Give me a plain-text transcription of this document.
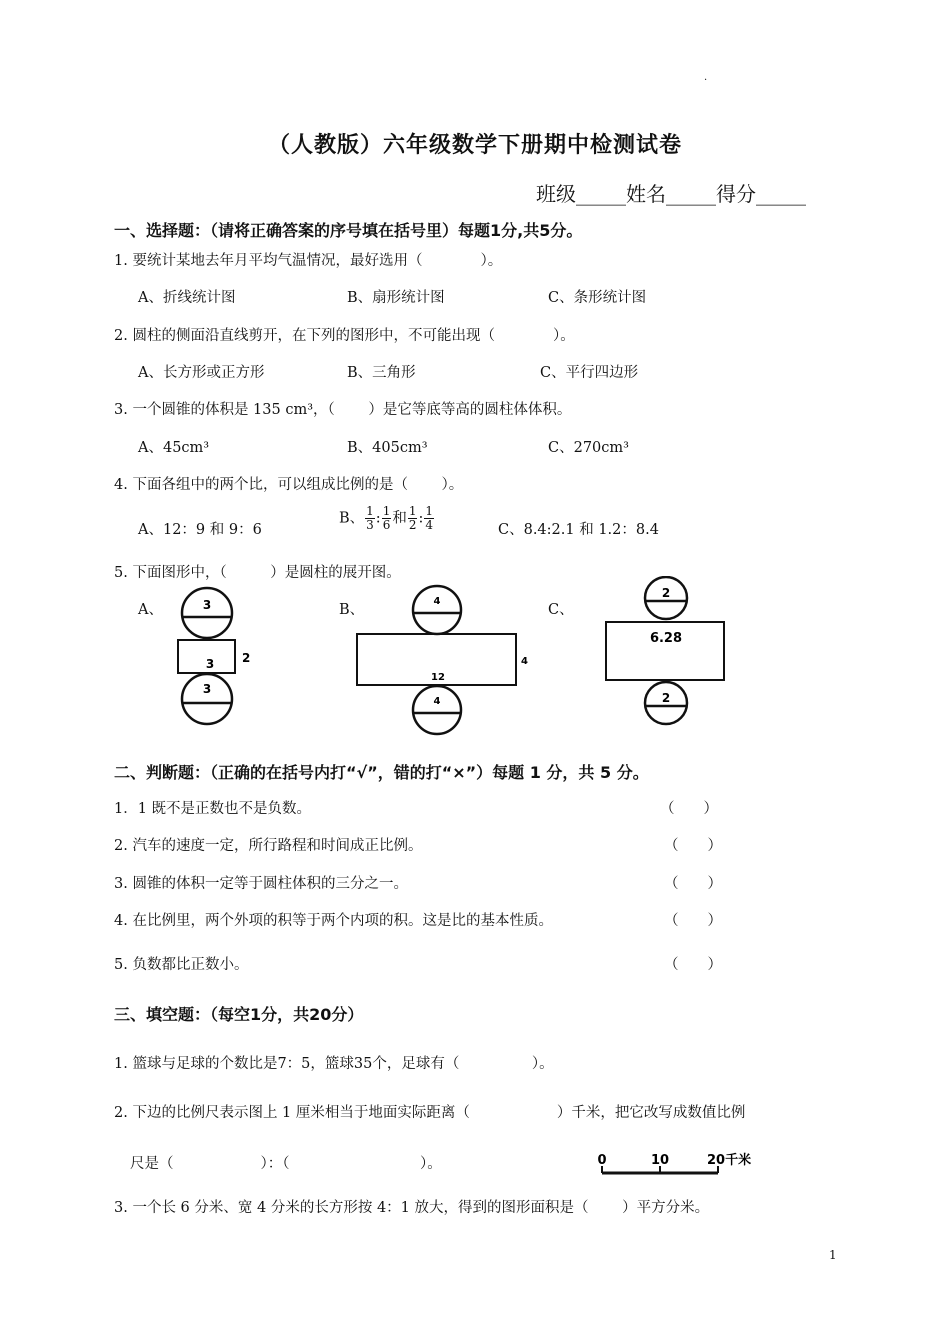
.
（人教版）六年级数学下册期中检测试卷
班级_____姓名_____得分_____
一、选择题：（请将正确答案的序号填在括号里）每题1分,共5分。
1. 要统计某地去年月平均气温情况，最好选用（　　　　）。
A、折线统计图	B、扇形统计图	C、条形统计图
2. 圆柱的侧面沿直线剪开，在下列的图形中，不可能出现（　　　　）。
A、长方形或正方形	B、三角形	C、平行四边形
3. 一个圆锥的体积是 135 cm³，（　　 ）是它等底等高的圆柱体体积。
A、45cm³	B、405cm³	C、270cm³
4. 下面各组中的两个比，可以组成比例的是（　　 ）。
A、12：9 和 9：6
B、 $\frac{1}{3}$ : $\frac{1}{6}$ 和 $\frac{1}{2}$ : $\frac{1}{4}$	C、8.4:2.1 和 1.2：8.4
5. 下面图形中，（　　　）是圆柱的展开图。
A、	B、	C、
3
3 2
3
4
12
4
4
2
6.28
2
二、判断题：（正确的在括号内打“√”，错的打“×”）每题 1 分，共 5 分。
1．1 既不是正数也不是负数。	（　　）
2. 汽车的速度一定，所行路程和时间成正比例。	（　　）
3. 圆锥的体积一定等于圆柱体积的三分之一。	（　　）
4. 在比例里，两个外项的积等于两个内项的积。这是比的基本性质。	（　　）
5. 负数都比正数小。	（　　）
三、填空题：（每空1分，共20分）
1. 篮球与足球的个数比是7：5，篮球35个，足球有（　　　　　）。
2. 下边的比例尺表示图上 1 厘米相当于地面实际距离（　　　　　　）千米，把它改写成数值比例
尺是（　　　　　　）：（　　　　　　　　　）。	0	10	20千米
3. 一个长 6 分米、宽 4 分米的长方形按 4：1 放大，得到的图形面积是（　　 ）平方分米。
1
